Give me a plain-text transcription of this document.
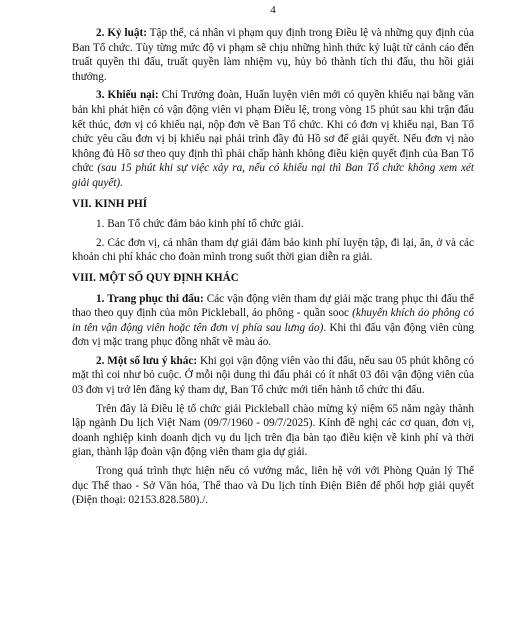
4

2. Kỷ luật: Tập thể, cá nhân vi phạm quy định trong Điều lệ và những quy định của Ban Tổ chức. Tùy từng mức độ vi phạm sẽ chịu những hình thức kỷ luật từ cảnh cáo đến truất quyền thi đấu, truất quyền làm nhiệm vụ, hủy bỏ thành tích thi đấu, thu hồi giải thưởng.

3. Khiếu nại: Chỉ Trưởng đoàn, Huấn luyện viên mới có quyền khiếu nại bằng văn bản khi phát hiện có vận động viên vi phạm Điều lệ, trong vòng 15 phút sau khi trận đấu kết thúc, đơn vị có khiếu nại, nộp đơn về Ban Tổ chức. Khi có đơn vị khiếu nại, Ban Tổ chức yêu cầu đơn vị bị khiếu nại phải trình đầy đủ Hồ sơ để giải quyết. Nếu đơn vị nào không đủ Hồ sơ theo quy định thì phải chấp hành không điều kiện quyết định của Ban Tổ chức (sau 15 phút khi sự việc xảy ra, nếu có khiếu nại thì Ban Tổ chức không xem xét giải quyết).

VII. KINH PHÍ

1. Ban Tổ chức đảm bảo kinh phí tổ chức giải.

2. Các đơn vị, cá nhân tham dự giải đảm bảo kinh phí luyện tập, đi lại, ăn, ở và các khoản chi phí khác cho đoàn mình trong suốt thời gian diễn ra giải.

VIII. MỘT SỐ QUY ĐỊNH KHÁC

1. Trang phục thi đấu: Các vận động viên tham dự giải mặc trang phục thi đấu thể thao theo quy định của môn Pickleball, áo phông - quần sooc (khuyến khích áo phông có in tên vận động viên hoặc tên đơn vị phía sau lưng áo). Khi thi đấu vận động viên cùng đơn vị mặc trang phục đồng nhất về màu áo.

2. Một số lưu ý khác: Khi gọi vận động viên vào thi đấu, nếu sau 05 phút không có mặt thì coi như bỏ cuộc. Ở mỗi nội dung thi đấu phải có ít nhất 03 đôi vận động viên của 03 đơn vị trở lên đăng ký tham dự, Ban Tổ chức mới tiến hành tổ chức thi đấu.

Trên đây là Điều lệ tổ chức giải Pickleball chào mừng kỷ niệm 65 năm ngày thành lập ngành Du lịch Việt Nam (09/7/1960 - 09/7/2025). Kính đề nghị các cơ quan, đơn vị, doanh nghiệp kinh doanh dịch vụ du lịch trên địa bàn tạo điều kiện về kinh phí và thời gian, thành lập đoàn vận động viên tham gia dự giải.

Trong quá trình thực hiện nếu có vướng mắc, liên hệ với với Phòng Quản lý Thể dục Thể thao - Sở Văn hóa, Thể thao và Du lịch tỉnh Điện Biên để phối hợp giải quyết (Điện thoại: 02153.828.580)./.
